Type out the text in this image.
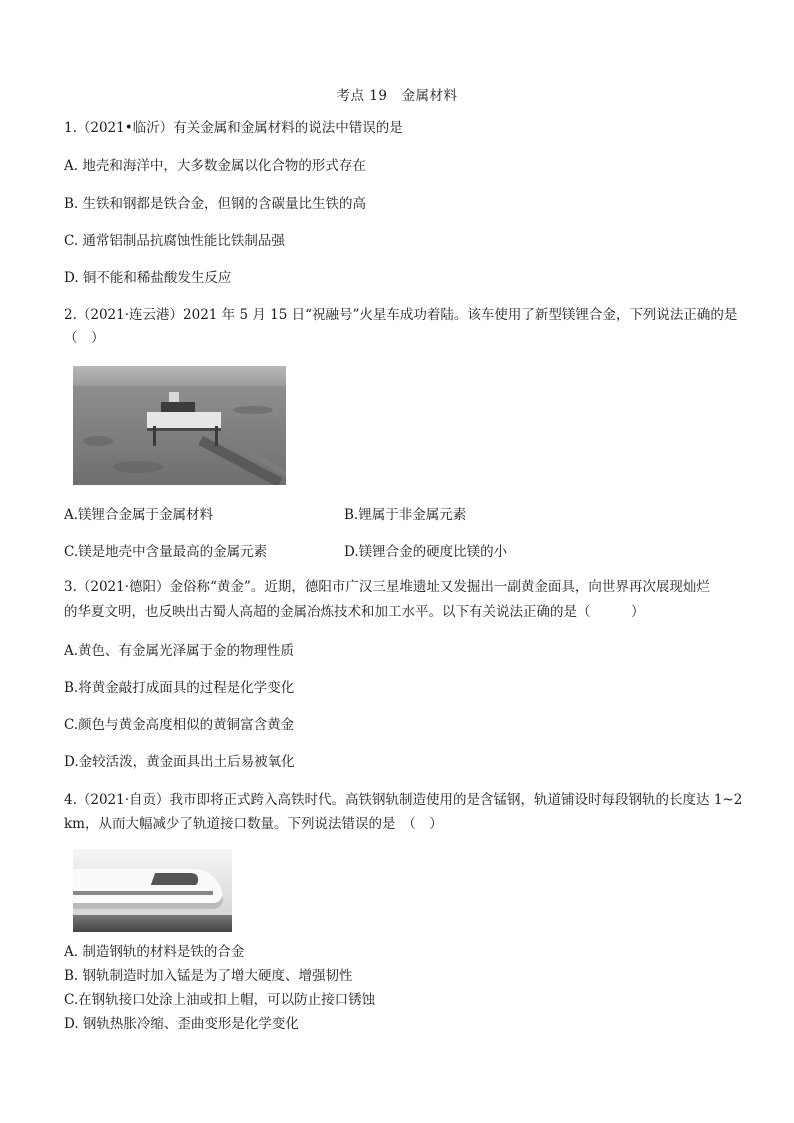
考点 19　金属材料
1.（2021•临沂）有关金属和金属材料的说法中错误的是
A. 地壳和海洋中，大多数金属以化合物的形式存在
B. 生铁和钢都是铁合金，但钢的含碳量比生铁的高
C. 通常铝制品抗腐蚀性能比铁制品强
D. 铜不能和稀盐酸发生反应
2.（2021·连云港）2021 年 5 月 15 日“祝融号”火星车成功着陆。该车使用了新型镁锂合金，下列说法正确的是
（　）
A.镁锂合金属于金属材料	B.锂属于非金属元素
C.镁是地壳中含量最高的金属元素	D.镁锂合金的硬度比镁的小
3.（2021·德阳）金俗称“黄金”。近期，德阳市广汉三星堆遗址又发掘出一副黄金面具，向世界再次展现灿烂
的华夏文明，也反映出古蜀人高超的金属冶炼技术和加工水平。以下有关说法正确的是（　　　）
A.黄色、有金属光泽属于金的物理性质
B.将黄金敲打成面具的过程是化学变化
C.颜色与黄金高度相似的黄铜富含黄金
D.金较活泼，黄金面具出土后易被氧化
4.（2021·自贡）我市即将正式跨入高铁时代。高铁钢轨制造使用的是含锰钢，轨道铺设时每段钢轨的长度达 1~2
km，从而大幅减少了轨道接口数量。下列说法错误的是　（　）
A. 制造钢轨的材料是铁的合金
B. 钢轨制造时加入锰是为了增大硬度、增强韧性
C.在钢轨接口处涂上油或扣上帽，可以防止接口锈蚀
D. 钢轨热胀冷缩、歪曲变形是化学变化
